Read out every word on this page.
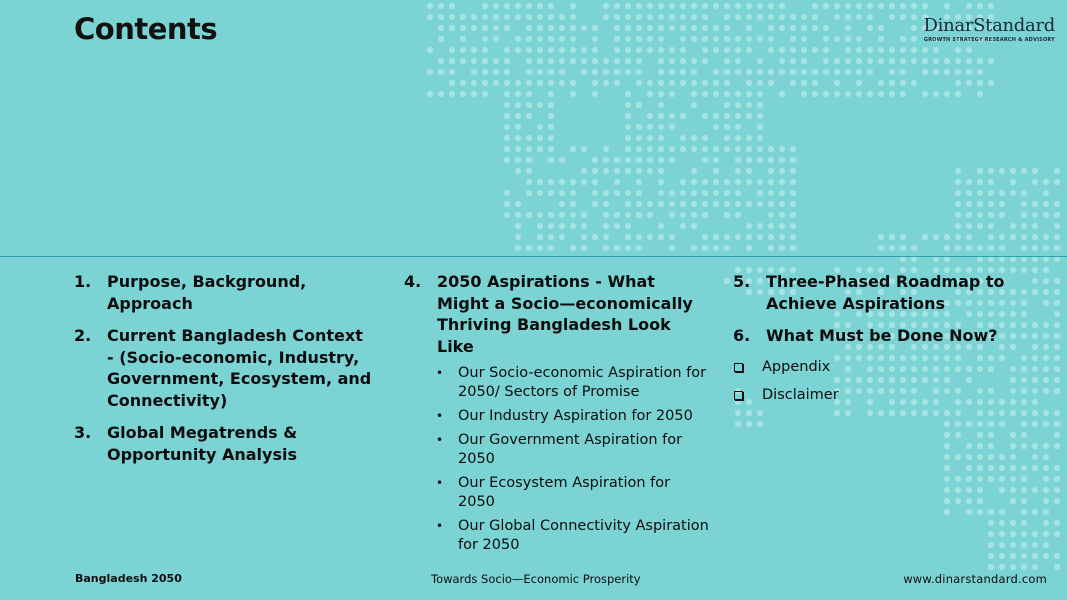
Contents	DinarStandard
GROWTH STRATEGY RESEARCH & ADVISORY
1. Purpose, Background, Approach
2. Current Bangladesh Context - (Socio-economic, Industry, Government, Ecosystem, and Connectivity)
3. Global Megatrends & Opportunity Analysis
4. 2050 Aspirations - What Might a Socio—economically Thriving Bangladesh Look Like
• Our Socio-economic Aspiration for 2050/ Sectors of Promise
• Our Industry Aspiration for 2050
• Our Government Aspiration for 2050
• Our Ecosystem Aspiration for 2050
• Our Global Connectivity Aspiration for 2050
5. Three-Phased Roadmap to Achieve Aspirations
6. What Must be Done Now?
Appendix
Disclaimer
Bangladesh 2050	Towards Socio—Economic Prosperity	www.dinarstandard.com
